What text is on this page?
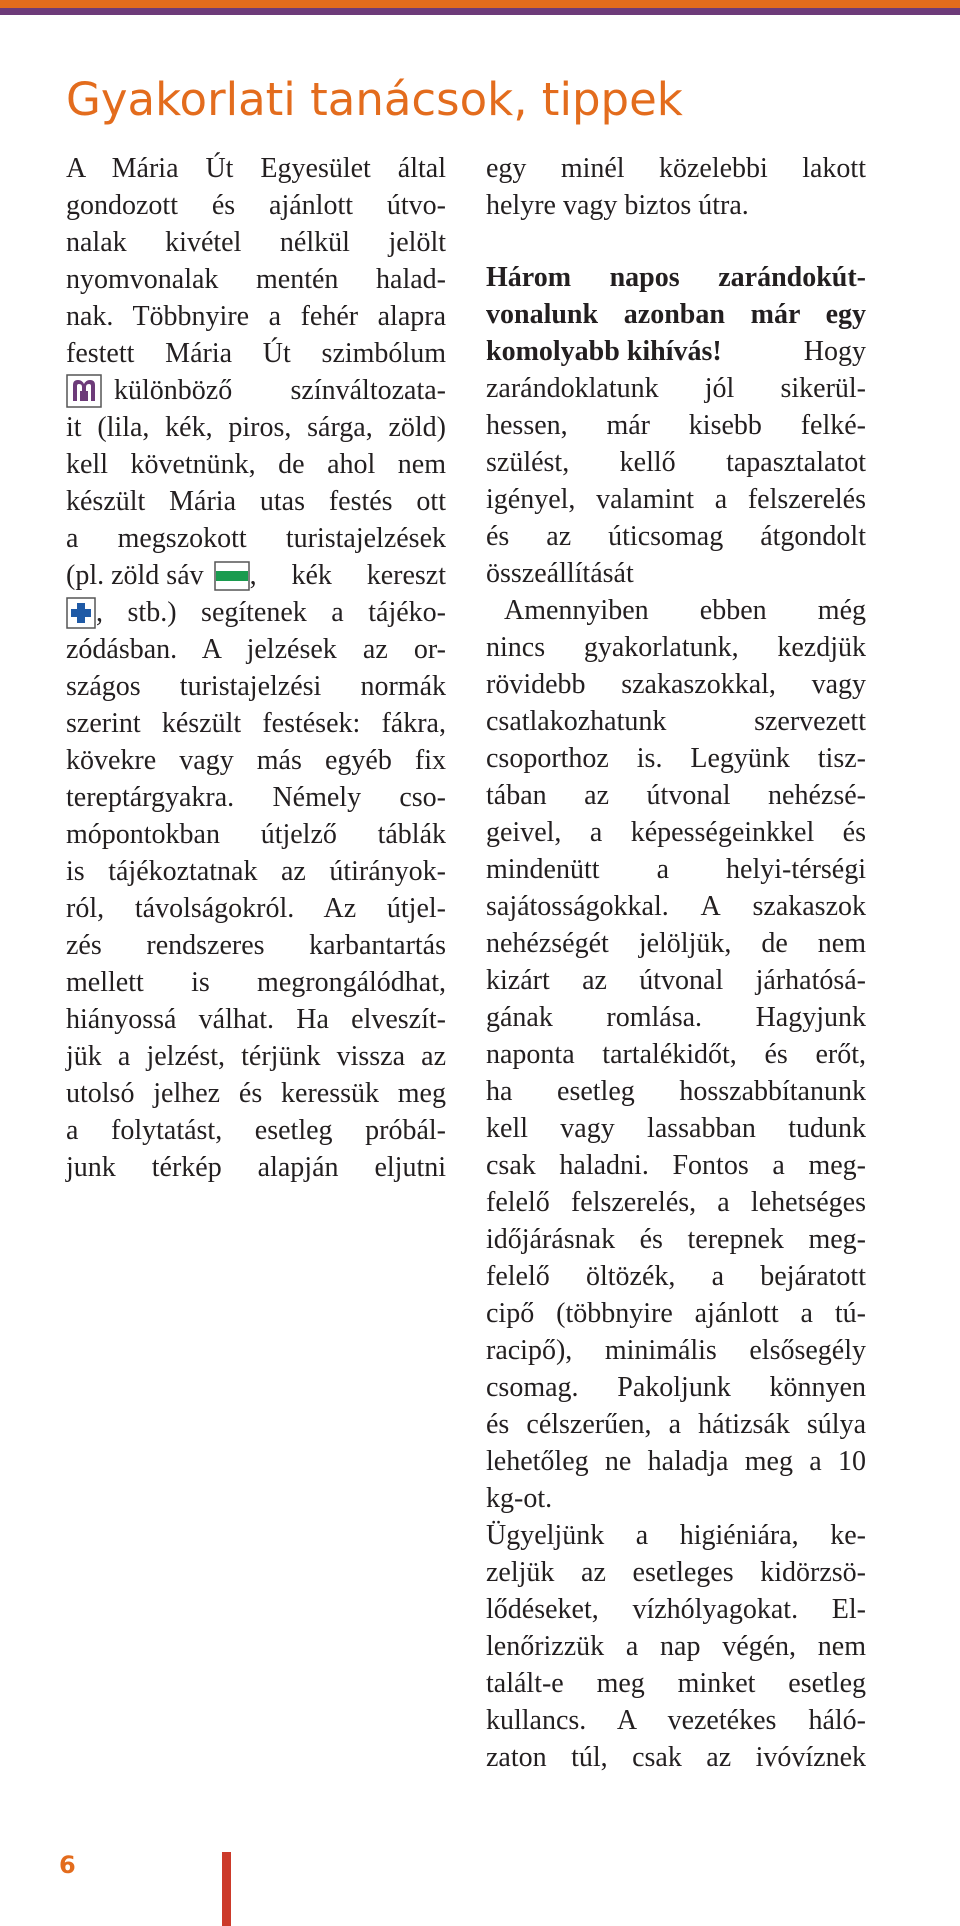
Gyakorlati tanácsok, tippek
A Mária Út Egyesület által
gondozott és ajánlott útvo-
nalak kivétel nélkül jelölt
nyomvonalak mentén halad-
nak. Többnyire a fehér alapra
festett Mária Út szimbólum
különböző színváltozata-
it (lila, kék, piros, sárga, zöld)
kell követnünk, de ahol nem
készült Mária utas festés ott
a megszokott turistajelzések
(pl. zöld sáv , kék kereszt
, stb.) segítenek a tájéko-
zódásban. A jelzések az or-
szágos turistajelzési normák
szerint készült festések: fákra,
kövekre vagy más egyéb fix
tereptárgyakra. Némely cso-
mópontokban útjelző táblák
is tájékoztatnak az útirányok-
ról, távolságokról. Az útjel-
zés rendszeres karbantartás
mellett is megrongálódhat,
hiányossá válhat. Ha elveszít-
jük a jelzést, térjünk vissza az
utolsó jelhez és keressük meg
a folytatást, esetleg próbál-
junk térkép alapján eljutni
egy minél közelebbi lakott
helyre vagy biztos útra.
Három napos zarándokút-
vonalunk azonban már egy
komolyabb kihívás! Hogy
zarándoklatunk jól sikerül-
hessen, már kisebb felké-
szülést, kellő tapasztalatot
igényel, valamint a felszerelés
és az úticsomag átgondolt
összeállítását
Amennyiben ebben még
nincs gyakorlatunk, kezdjük
rövidebb szakaszokkal, vagy
csatlakozhatunk szervezett
csoporthoz is. Legyünk tisz-
tában az útvonal nehézsé-
geivel, a képességeinkkel és
mindenütt a helyi-térségi
sajátosságokkal. A szakaszok
nehézségét jelöljük, de nem
kizárt az útvonal járhatósá-
gának romlása. Hagyjunk
naponta tartalékidőt, és erőt,
ha esetleg hosszabbítanunk
kell vagy lassabban tudunk
csak haladni. Fontos a meg-
felelő felszerelés, a lehetséges
időjárásnak és terepnek meg-
felelő öltözék, a bejáratott
cipő (többnyire ajánlott a tú-
racipő), minimális elsősegély
csomag. Pakoljunk könnyen
és célszerűen, a hátizsák súlya
lehetőleg ne haladja meg a 10
kg-ot.
Ügyeljünk a higiéniára, ke-
zeljük az esetleges kidörzsö-
lődéseket, vízhólyagokat. El-
lenőrizzük a nap végén, nem
talált-e meg minket esetleg
kullancs. A vezetékes háló-
zaton túl, csak az ivóvíznek
6
